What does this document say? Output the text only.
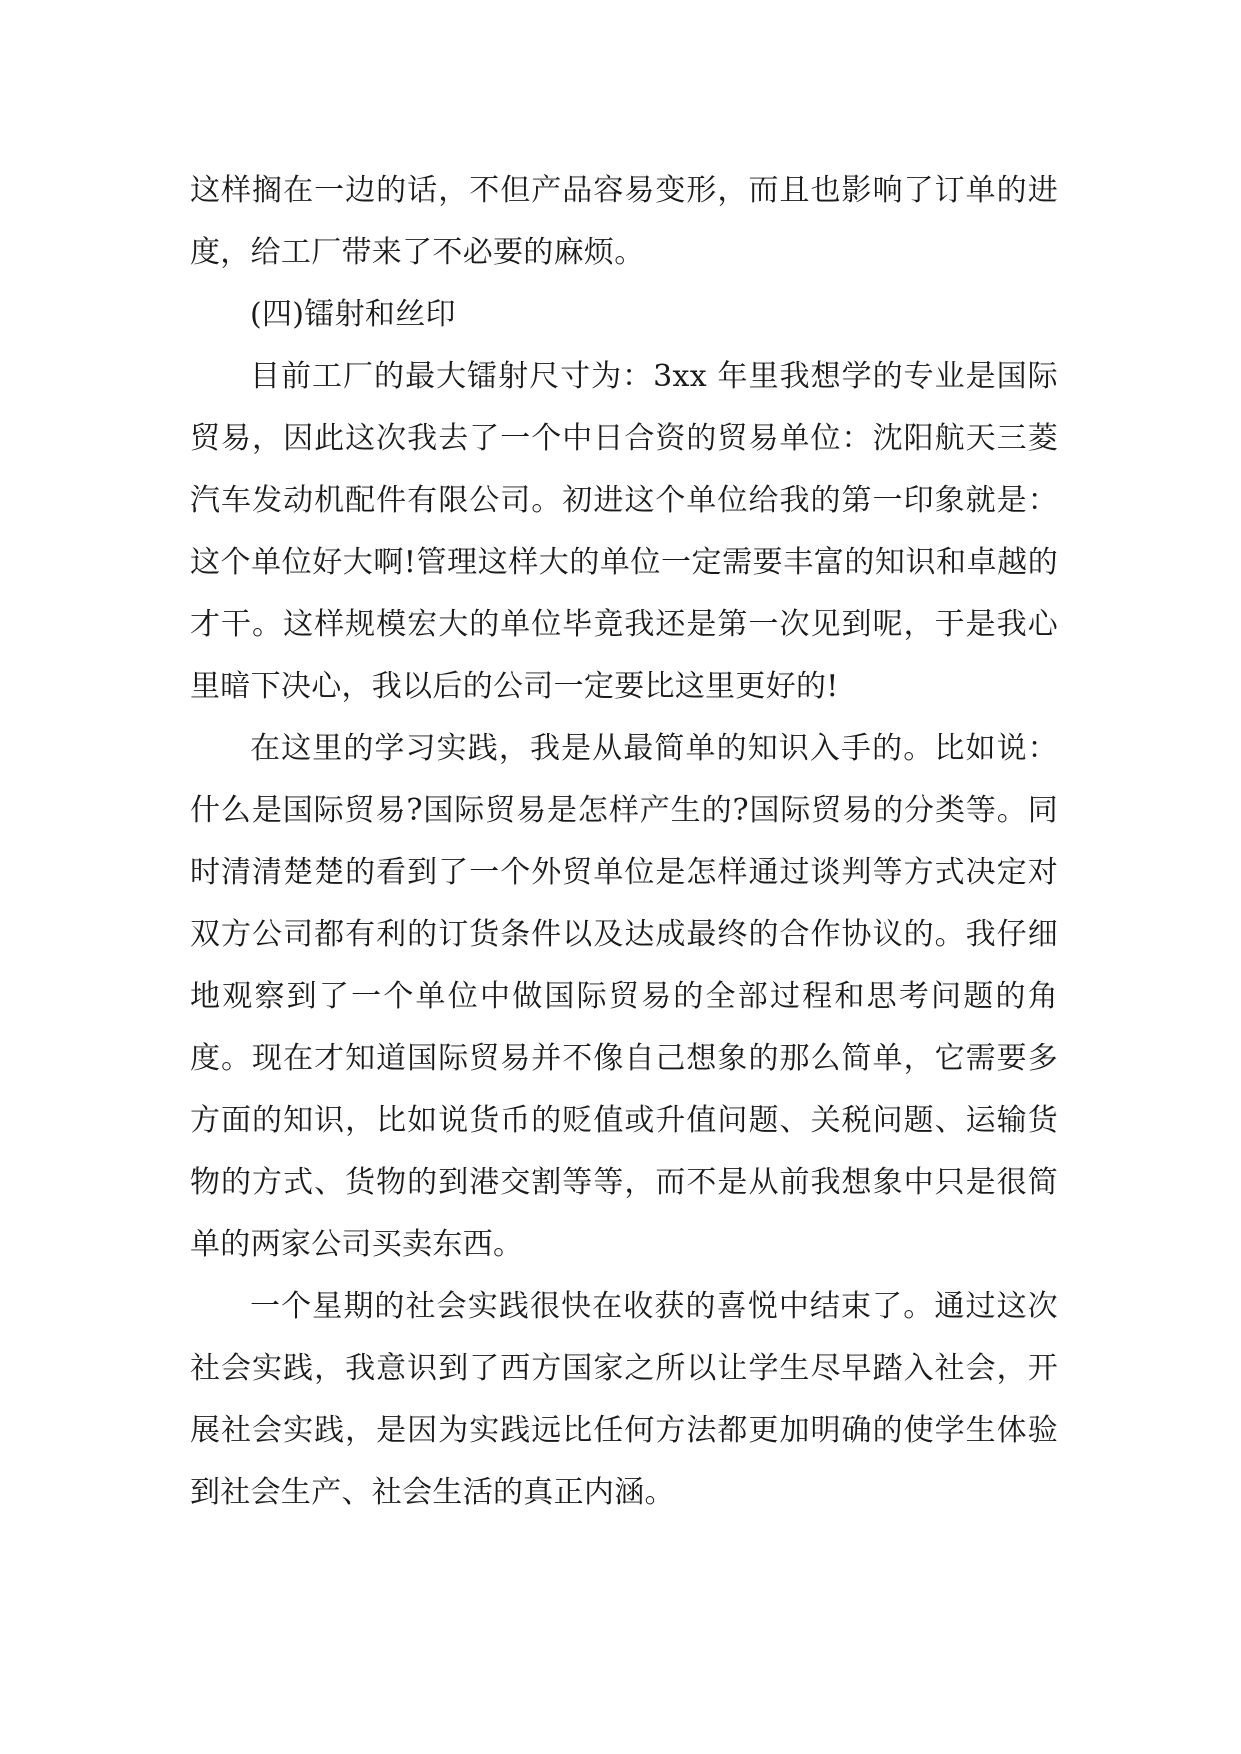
这样搁在一边的话，不但产品容易变形，而且也影响了订单的进度，给工厂带来了不必要的麻烦。

(四)镭射和丝印

目前工厂的最大镭射尺寸为：3xx 年里我想学的专业是国际贸易，因此这次我去了一个中日合资的贸易单位：沈阳航天三菱汽车发动机配件有限公司。初进这个单位给我的第一印象就是：这个单位好大啊!管理这样大的单位一定需要丰富的知识和卓越的才干。这样规模宏大的单位毕竟我还是第一次见到呢，于是我心里暗下决心，我以后的公司一定要比这里更好的!

在这里的学习实践，我是从最简单的知识入手的。比如说： 什么是国际贸易?国际贸易是怎样产生的?国际贸易的分类等。同时清清楚楚的看到了一个外贸单位是怎样通过谈判等方式决定对双方公司都有利的订货条件以及达成最终的合作协议的。我仔细地观察到了一个单位中做国际贸易的全部过程和思考问题的角度。现在才知道国际贸易并不像自己想象的那么简单，它需要多方面的知识，比如说货币的贬值或升值问题、关税问题、运输货物的方式、货物的到港交割等等，而不是从前我想象中只是很简单的两家公司买卖东西。

一个星期的社会实践很快在收获的喜悦中结束了。通过这次社会实践，我意识到了西方国家之所以让学生尽早踏入社会，开展社会实践，是因为实践远比任何方法都更加明确的使学生体验到社会生产、社会生活的真正内涵。
